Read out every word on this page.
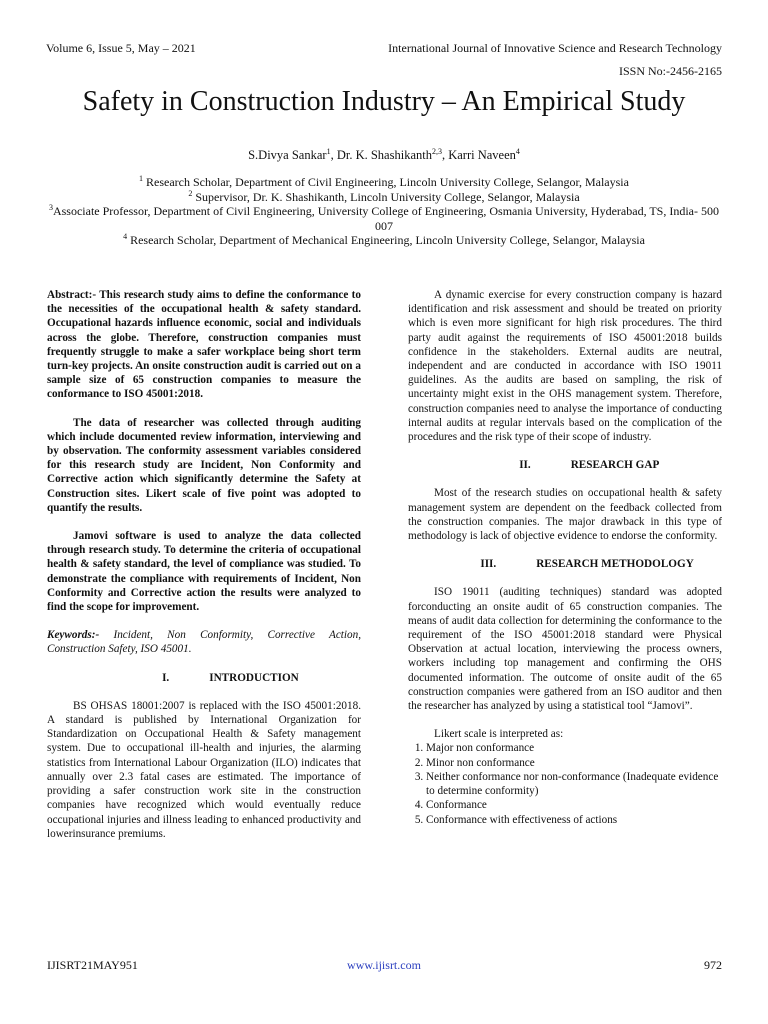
Volume 6, Issue 5, May – 2021	International Journal of Innovative Science and Research Technology
ISSN No:-2456-2165
Safety in Construction Industry – An Empirical Study
S.Divya Sankar$^1$, Dr. K. Shashikanth$^{2,3}$, Karri Naveen$^4$
$^1$ Research Scholar, Department of Civil Engineering, Lincoln University College, Selangor, Malaysia
$^2$ Supervisor, Dr. K. Shashikanth, Lincoln University College, Selangor, Malaysia
$^3$Associate Professor, Department of Civil Engineering, University College of Engineering, Osmania University, Hyderabad, TS, India- 500 007
$^4$ Research Scholar, Department of Mechanical Engineering, Lincoln University College, Selangor, Malaysia

Abstract:- This research study aims to define the conformance to the necessities of the occupational health & safety standard. Occupational hazards influence economic, social and individuals across the globe. Therefore, construction companies must frequently struggle to make a safer workplace being short term turn-key projects. An onsite construction audit is carried out on a sample size of 65 construction companies to measure the conformance to ISO 45001:2018.

The data of researcher was collected through auditing which include documented review information, interviewing and by observation. The conformity assessment variables considered for this research study are Incident, Non Conformity and Corrective action which significantly determine the Safety at Construction sites. Likert scale of five point was adopted to quantify the results.

Jamovi software is used to analyze the data collected through research study. To determine the criteria of occupational health & safety standard, the level of compliance was studied. To demonstrate the compliance with requirements of Incident, Non Conformity and Corrective action the results were analyzed to find the scope for improvement.

Keywords:- Incident, Non Conformity, Corrective Action, Construction Safety, ISO 45001.

I.	INTRODUCTION

BS OHSAS 18001:2007 is replaced with the ISO 45001:2018. A standard is published by International Organization for Standardization on Occupational Health & Safety management system. Due to occupational ill-health and injuries, the alarming statistics from International Labour Organization (ILO) indicates that annually over 2.3 fatal cases are estimated. The importance of providing a safer construction work site in the construction companies have recognized which would eventually reduce occupational injuries and illness leading to enhanced productivity and lowerinsurance premiums.

A dynamic exercise for every construction company is hazard identification and risk assessment and should be treated on priority which is even more significant for high risk procedures. The third party audit against the requirements of ISO 45001:2018 builds confidence in the stakeholders. External audits are neutral, independent and are conducted in accordance with ISO 19011 guidelines. As the audits are based on sampling, the risk of uncertainty might exist in the OHS management system. Therefore, construction companies need to analyse the importance of conducting internal audits at regular intervals based on the complication of the procedures and the risk type of their scope of industry.

II.	RESEARCH GAP

Most of the research studies on occupational health & safety management system are dependent on the feedback collected from the construction companies. The major drawback in this type of methodology is lack of objective evidence to endorse the conformity.

III.	RESEARCH METHODOLOGY

ISO 19011 (auditing techniques) standard was adopted forconducting an onsite audit of 65 construction companies. The means of audit data collection for determining the conformance to the requirement of the ISO 45001:2018 standard were Physical Observation at actual location, interviewing the process owners, workers including top management and confirming the OHS documented information. The outcome of onsite audit of the 65 construction companies were gathered from an ISO auditor and then the researcher has analyzed by using a statistical tool “Jamovi”.

Likert scale is interpreted as:

1. Major non conformance
2. Minor non conformance
3. Neither conformance nor non-conformance (Inadequate evidence to determine conformity)
4. Conformance
5. Conformance with effectiveness of actions
IJISRT21MAY951	www.ijisrt.com	972
